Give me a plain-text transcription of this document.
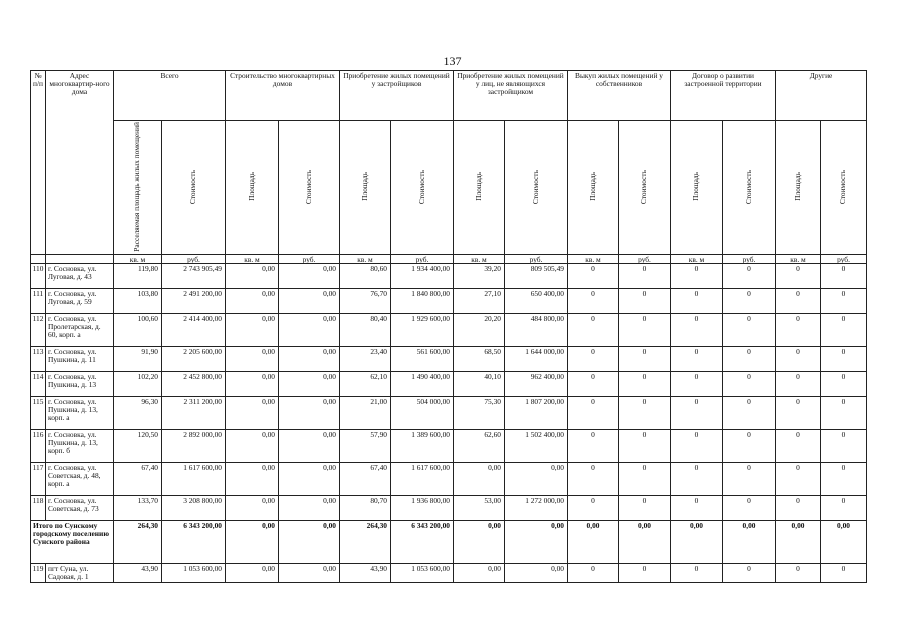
137
№ п/п	Адрес многоквартир-ного дома	Всего		Строительство многоквартирных домов		Приобретение жилых помещений у застройщиков		Приобретение жилых помещений у лиц, не являющихся застройщиком		Выкуп жилых помещений у собственников		Договор о развитии застроенной территории		Другие	
		Расселяемая площадь жилых помещений	Стоимость	Площадь	Стоимость	Площадь	Стоимость	Площадь	Стоимость	Площадь	Стоимость	Площадь	Стоимость	Площадь	Стоимость
		кв. м	руб.	кв. м	руб.	кв. м	руб.	кв. м	руб.	кв. м	руб.	кв. м	руб.	кв. м	руб.
110	г. Сосновка, ул. Луговая, д. 43	119,80	2 743 905,49	0,00	0,00	80,60	1 934 400,00	39,20	809 505,49	0	0	0	0	0	0
111	г. Сосновка, ул. Луговая, д. 59	103,80	2 491 200,00	0,00	0,00	76,70	1 840 800,00	27,10	650 400,00	0	0	0	0	0	0
112	г. Сосновка, ул. Пролетарская, д. 60, корп. а	100,60	2 414 400,00	0,00	0,00	80,40	1 929 600,00	20,20	484 800,00	0	0	0	0	0	0
113	г. Сосновка, ул. Пушкина, д. 11	91,90	2 205 600,00	0,00	0,00	23,40	561 600,00	68,50	1 644 000,00	0	0	0	0	0	0
114	г. Сосновка, ул. Пушкина, д. 13	102,20	2 452 800,00	0,00	0,00	62,10	1 490 400,00	40,10	962 400,00	0	0	0	0	0	0
115	г. Сосновка, ул. Пушкина, д. 13, корп. а	96,30	2 311 200,00	0,00	0,00	21,00	504 000,00	75,30	1 807 200,00	0	0	0	0	0	0
116	г. Сосновка, ул. Пушкина, д. 13, корп. б	120,50	2 892 000,00	0,00	0,00	57,90	1 389 600,00	62,60	1 502 400,00	0	0	0	0	0	0
117	г. Сосновка, ул. Советская, д. 48, корп. а	67,40	1 617 600,00	0,00	0,00	67,40	1 617 600,00	0,00	0,00	0	0	0	0	0	0
118	г. Сосновка, ул. Советская, д. 73	133,70	3 208 800,00	0,00	0,00	80,70	1 936 800,00	53,00	1 272 000,00	0	0	0	0	0	0
Итого по Сунскому городскому поселению Сунского района		264,30	6 343 200,00	0,00	0,00	264,30	6 343 200,00	0,00	0,00	0,00	0,00	0,00	0,00	0,00	0,00
119	пгт Суна, ул. Садовая, д. 1	43,90	1 053 600,00	0,00	0,00	43,90	1 053 600,00	0,00	0,00	0	0	0	0	0	0
